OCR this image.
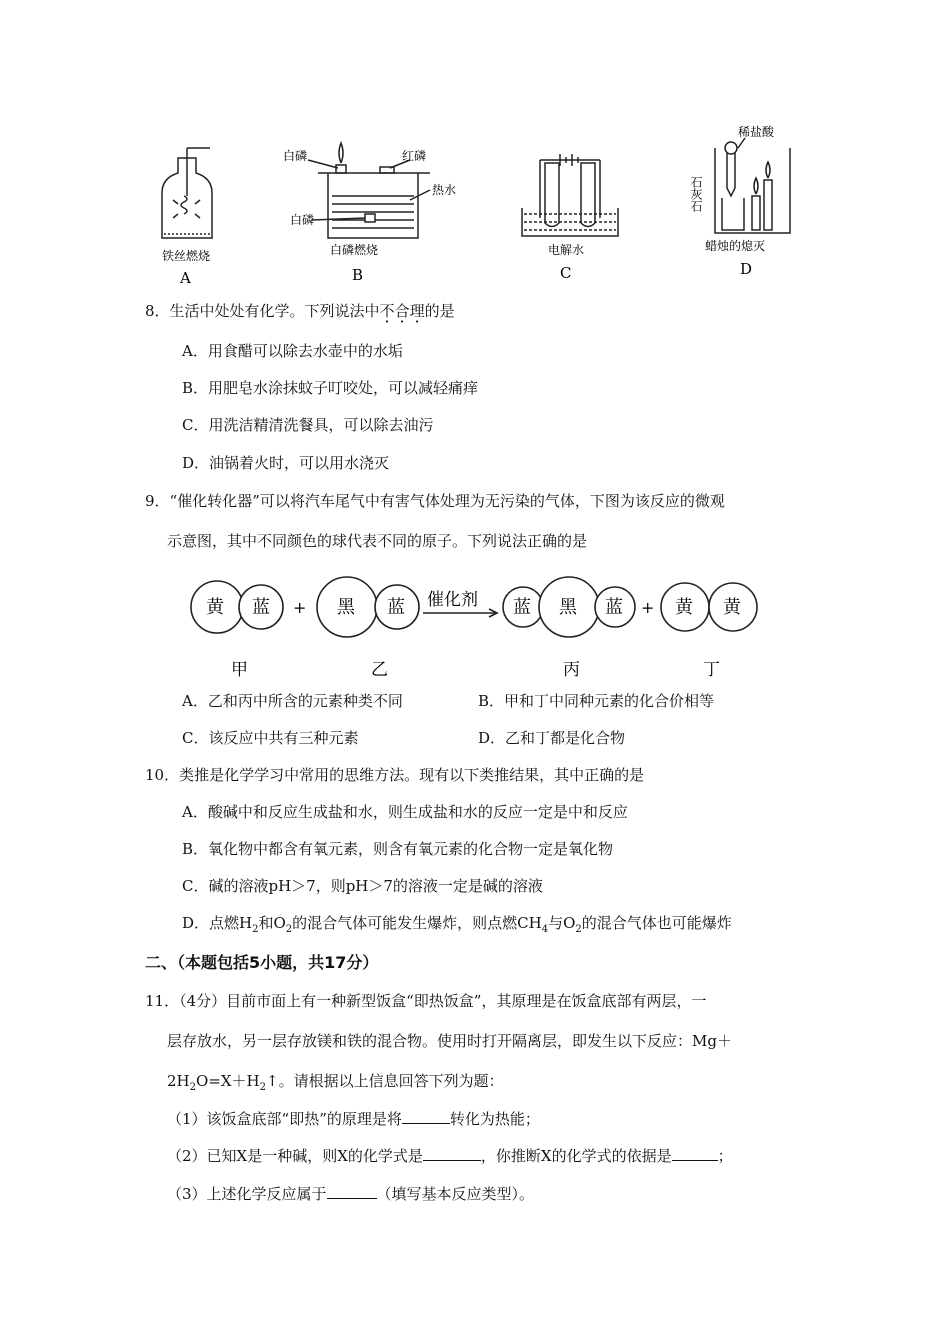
铁丝燃烧
A
白磷	红磷
热水
白磷
白磷燃烧
B
电解水
C
稀盐酸
石灰石
蜡烛的熄灭
D
8．生活中处处有化学。下列说法中不合理的是
A．用食醋可以除去水壶中的水垢
B．用肥皂水涂抹蚊子叮咬处，可以减轻痛痒
C．用洗洁精清洗餐具，可以除去油污
D．油锅着火时，可以用水浇灭
9．“催化转化器”可以将汽车尾气中有害气体处理为无污染的气体，下图为该反应的微观
示意图，其中不同颜色的球代表不同的原子。下列说法正确的是
黄 蓝 + 黑 蓝 催化剂 蓝 黑 蓝 + 黄 黄
甲	乙	丙	丁
A．乙和丙中所含的元素种类不同	B．甲和丁中同种元素的化合价相等
C．该反应中共有三种元素	D．乙和丁都是化合物
10．类推是化学学习中常用的思维方法。现有以下类推结果，其中正确的是
A．酸碱中和反应生成盐和水，则生成盐和水的反应一定是中和反应
B．氧化物中都含有氧元素，则含有氧元素的化合物一定是氧化物
C．碱的溶液pH＞7，则pH＞7的溶液一定是碱的溶液
D．点燃$H_2$和$O_2$的混合气体可能发生爆炸，则点燃$CH_4$与$O_2$的混合气体也可能爆炸
二、（本题包括5小题，共17分）
11．（4分）目前市面上有一种新型饭盒“即热饭盒”，其原理是在饭盒底部有两层，一
层存放水，另一层存放镁和铁的混合物。使用时打开隔离层，即发生以下反应：Mg＋
$2H_2O=X+H_2↑$。请根据以上信息回答下列为题：
（1）该饭盒底部“即热”的原理是将	转化为热能；
（2）已知X是一种碱，则X的化学式是	，你推断X的化学式的依据是	；
（3）上述化学反应属于	（填写基本反应类型）。
